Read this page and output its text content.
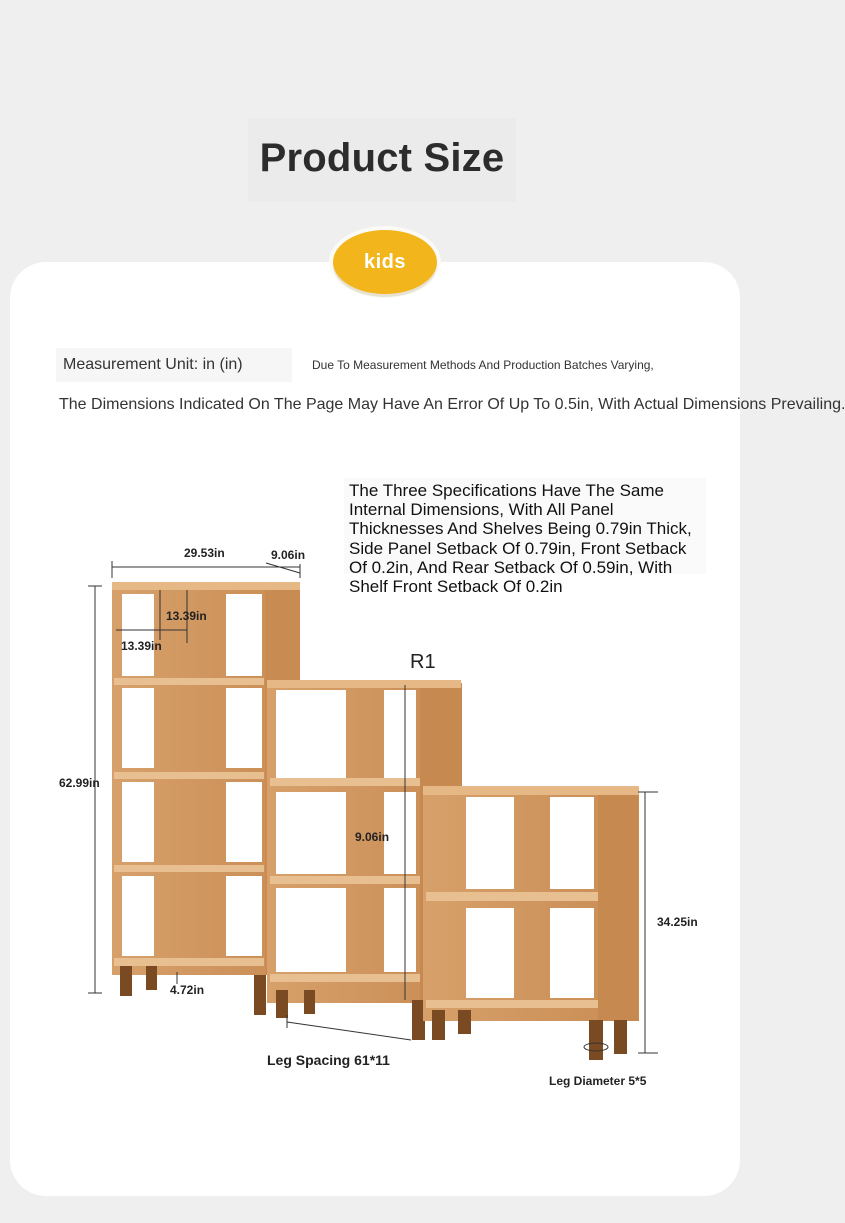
Product Size
kids
Measurement Unit: in (in)	Due To Measurement Methods And Production Batches Varying,
The Dimensions Indicated On The Page May Have An Error Of Up To 0.5in, With Actual Dimensions Prevailing.
The Three Specifications Have The Same Internal Dimensions, With All Panel Thicknesses And Shelves Being 0.79in Thick, Side Panel Setback Of 0.79in, Front Setback Of 0.2in, And Rear Setback Of 0.59in, With Shelf Front Setback Of 0.2in
29.53in	9.06in
13.39in
13.39in
62.99in
4.72in
9.06in
R1
34.25in
Leg Spacing 61*11
Leg Diameter 5*5
